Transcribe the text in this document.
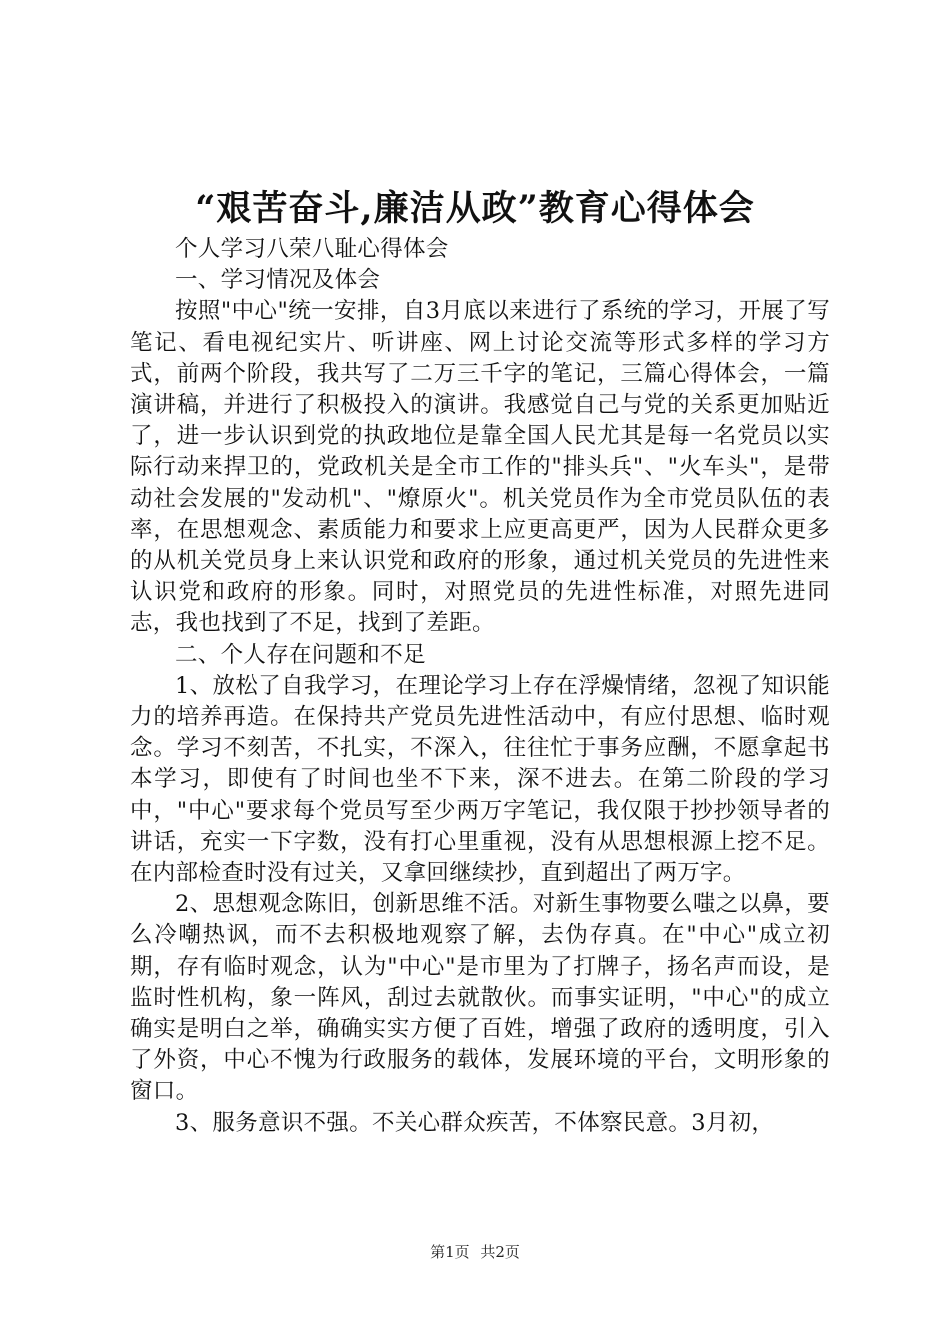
“艰苦奋斗,廉洁从政”教育心得体会

个人学习八荣八耻心得体会

一、学习情况及体会

按照"中心"统一安排，自3月底以来进行了系统的学习，开展了写笔记、看电视纪实片、听讲座、网上讨论交流等形式多样的学习方式，前两个阶段，我共写了二万三千字的笔记，三篇心得体会，一篇演讲稿，并进行了积极投入的演讲。我感觉自己与党的关系更加贴近了，进一步认识到党的执政地位是靠全国人民尤其是每一名党员以实际行动来捍卫的，党政机关是全市工作的"排头兵"、"火车头"，是带动社会发展的"发动机"、"燎原火"。机关党员作为全市党员队伍的表率，在思想观念、素质能力和要求上应更高更严，因为人民群众更多的从机关党员身上来认识党和政府的形象，通过机关党员的先进性来认识党和政府的形象。同时，对照党员的先进性标准，对照先进同志，我也找到了不足，找到了差距。

二、个人存在问题和不足

1、放松了自我学习，在理论学习上存在浮燥情绪，忽视了知识能力的培养再造。在保持共产党员先进性活动中，有应付思想、临时观念。学习不刻苦，不扎实，不深入，往往忙于事务应酬，不愿拿起书本学习，即使有了时间也坐不下来，深不进去。在第二阶段的学习中，"中心"要求每个党员写至少两万字笔记，我仅限于抄抄领导者的讲话，充实一下字数，没有打心里重视，没有从思想根源上挖不足。在内部检查时没有过关，又拿回继续抄，直到超出了两万字。

2、思想观念陈旧，创新思维不活。对新生事物要么嗤之以鼻，要么冷嘲热讽，而不去积极地观察了解，去伪存真。在"中心"成立初期，存有临时观念，认为"中心"是市里为了打牌子，扬名声而设，是监时性机构，象一阵风，刮过去就散伙。而事实证明，"中心"的成立确实是明白之举，确确实实方便了百姓，增强了政府的透明度，引入了外资，中心不愧为行政服务的载体，发展环境的平台，文明形象的窗口。

3、服务意识不强。不关心群众疾苦，不体察民意。3月初，

第1页 共2页
